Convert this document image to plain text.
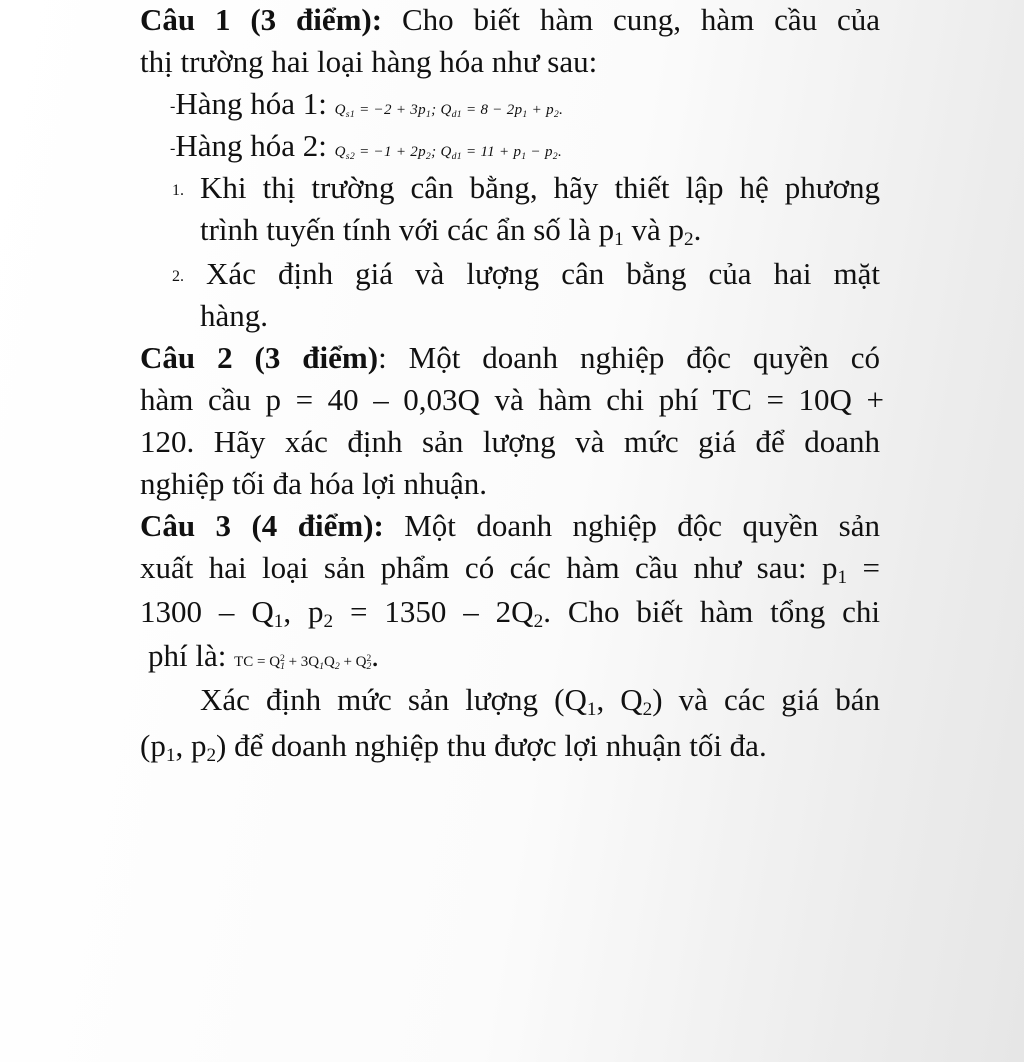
Câu 1 (3 điểm): Cho biết hàm cung, hàm cầu của
thị trường hai loại hàng hóa như sau:
-Hàng hóa 1: Qs1 = −2 + 3p1; Qd1 = 8 − 2p1 + p2.
-Hàng hóa 2: Qs2 = −1 + 2p2; Qd1 = 11 + p1 − p2.
1. Khi thị trường cân bằng, hãy thiết lập hệ phương
trình tuyến tính với các ẩn số là $p_1$ và $p_2$.
2. Xác định giá và lượng cân bằng của hai mặt
hàng.
Câu 2 (3 điểm): Một doanh nghiệp độc quyền có
hàm cầu p = 40 – 0,03Q và hàm chi phí TC = 10Q +
120. Hãy xác định sản lượng và mức giá để doanh
nghiệp tối đa hóa lợi nhuận.
Câu 3 (4 điểm): Một doanh nghiệp độc quyền sản
xuất hai loại sản phẩm có các hàm cầu như sau: $p_1$ =
$1300 - Q_1$, $p_2 = 1350 - 2Q_2$. Cho biết hàm tổng chi
phí là: TC = $Q1^2 + 3Q1Q2 + Q2^2$.
Xác định mức sản lượng ($Q_1$, $Q_2$) và các giá bán
($p_1$, $p_2$) để doanh nghiệp thu được lợi nhuận tối đa.
